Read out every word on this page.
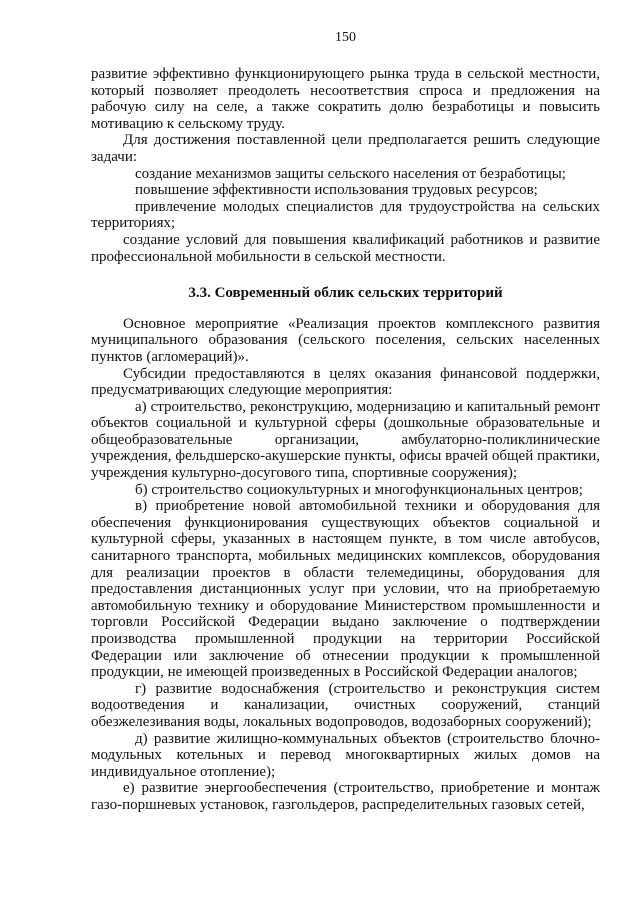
150

развитие эффективно функционирующего рынка труда в сельской местности, который позволяет преодолеть несоответствия спроса и предложения на рабочую силу на селе, а также сократить долю безработицы и повысить мотивацию к сельскому труду.

Для достижения поставленной цели предполагается решить следующие задачи:

создание механизмов защиты сельского населения от безработицы;

повышение эффективности использования трудовых ресурсов;

привлечение молодых специалистов для трудоустройства на сельских территориях;

создание условий для повышения квалификаций работников и развитие профессиональной мобильности в сельской местности.

3.3. Современный облик сельских территорий

Основное мероприятие «Реализация проектов комплексного развития муниципального образования (сельского поселения, сельских населенных пунктов (агломераций)».

Субсидии предоставляются в целях оказания финансовой поддержки, предусматривающих следующие мероприятия:

а) строительство, реконструкцию, модернизацию и капитальный ремонт объектов социальной и культурной сферы (дошкольные образовательные и общеобразовательные организации, амбулаторно-поликлинические учреждения, фельдшерско-акушерские пункты, офисы врачей общей практики, учреждения культурно-досугового типа, спортивные сооружения);

б) строительство социокультурных и многофункциональных центров;

в) приобретение новой автомобильной техники и оборудования для обеспечения функционирования существующих объектов социальной и культурной сферы, указанных в настоящем пункте, в том числе автобусов, санитарного транспорта, мобильных медицинских комплексов, оборудования для реализации проектов в области телемедицины, оборудования для предоставления дистанционных услуг при условии, что на приобретаемую автомобильную технику и оборудование Министерством промышленности и торговли Российской Федерации выдано заключение о подтверждении производства промышленной продукции на территории Российской Федерации или заключение об отнесении продукции к промышленной продукции, не имеющей произведенных в Российской Федерации аналогов;

г) развитие водоснабжения (строительство и реконструкция систем водоотведения и канализации, очистных сооружений, станций обезжелезивания воды, локальных водопроводов, водозаборных сооружений);

д) развитие жилищно-коммунальных объектов (строительство блочно-модульных котельных и перевод многоквартирных жилых домов на индивидуальное отопление);

е) развитие энергообеспечения (строительство, приобретение и монтаж газо-поршневых установок, газгольдеров, распределительных газовых сетей,
